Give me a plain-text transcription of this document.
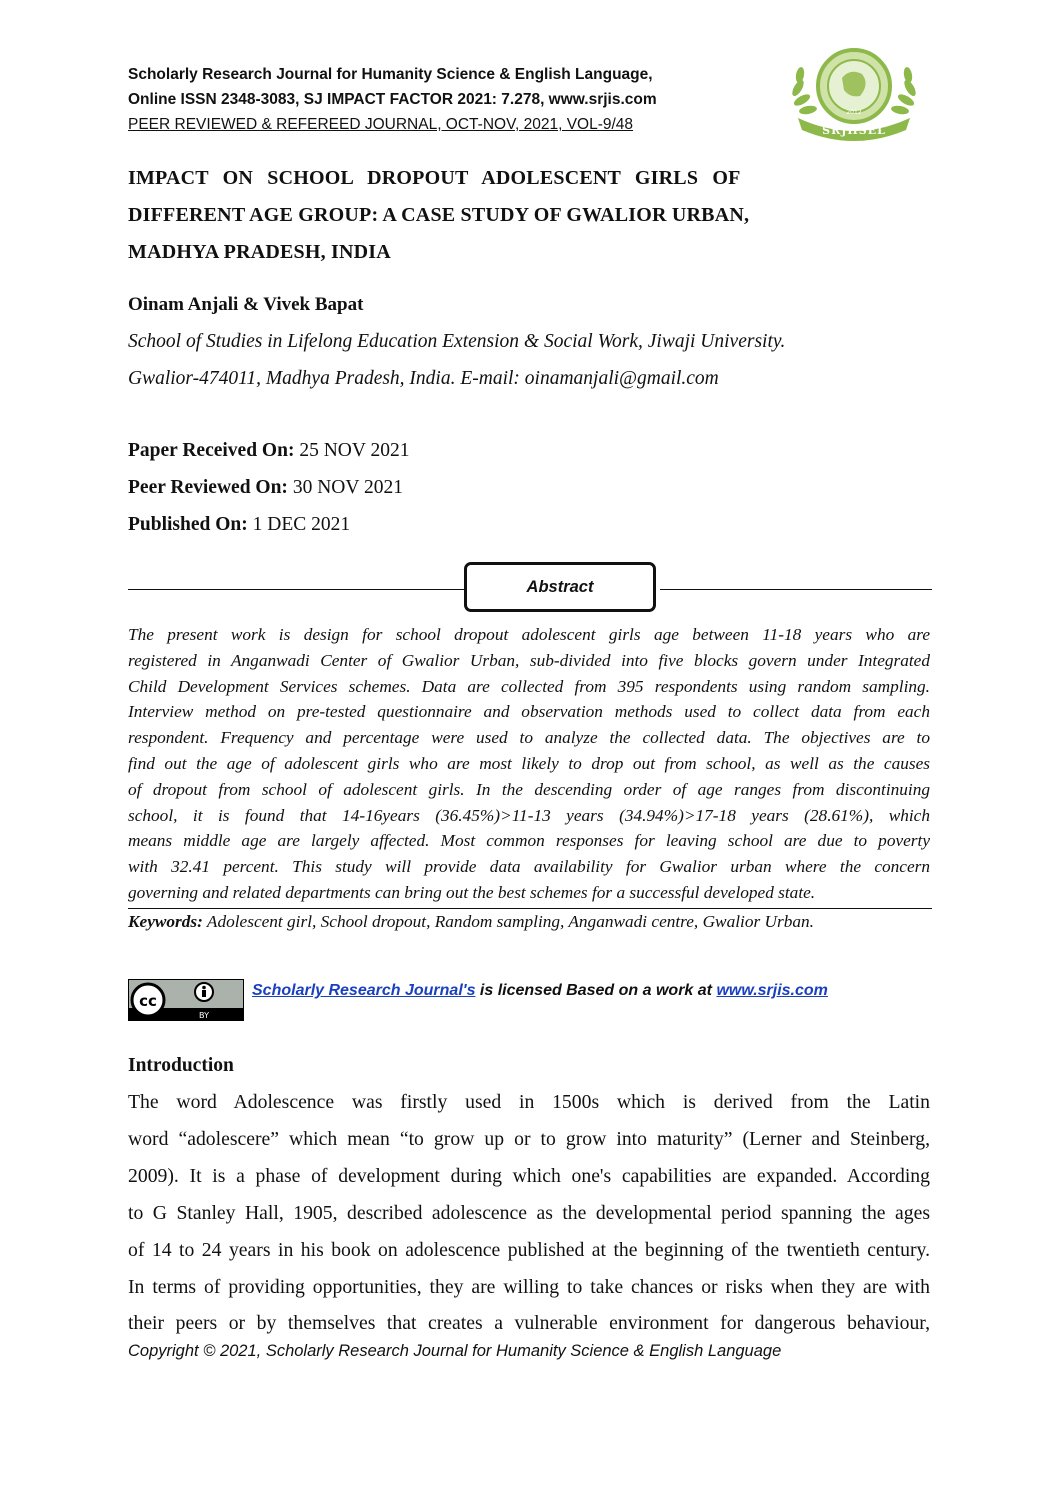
Scholarly Research Journal for Humanity Science & English Language,
Online ISSN 2348-3083, SJ IMPACT FACTOR 2021: 7.278, www.srjis.com
PEER REVIEWED & REFEREED JOURNAL, OCT-NOV, 2021, VOL-9/48
2012
SRJHSEL
IMPACT ON SCHOOL DROPOUT ADOLESCENT GIRLS OF
DIFFERENT AGE GROUP: A CASE STUDY OF GWALIOR URBAN,
MADHYA PRADESH, INDIA
Oinam Anjali & Vivek Bapat
School of Studies in Lifelong Education Extension & Social Work, Jiwaji University.
Gwalior-474011, Madhya Pradesh, India. E-mail: oinamanjali@gmail.com
Paper Received On: 25 NOV 2021
Peer Reviewed On: 30 NOV 2021
Published On: 1 DEC 2021
Abstract
The present work is design for school dropout adolescent girls age between 11-18 years who are
registered in Anganwadi Center of Gwalior Urban, sub-divided into five blocks govern under Integrated
Child Development Services schemes. Data are collected from 395 respondents using random sampling.
Interview method on pre-tested questionnaire and observation methods used to collect data from each
respondent. Frequency and percentage were used to analyze the collected data. The objectives are to
find out the age of adolescent girls who are most likely to drop out from school, as well as the causes
of dropout from school of adolescent girls. In the descending order of age ranges from discontinuing
school, it is found that 14-16years (36.45%)>11-13 years (34.94%)>17-18 years (28.61%), which
means middle age are largely affected. Most common responses for leaving school are due to poverty
with 32.41 percent. This study will provide data availability for Gwalior urban where the concern
governing and related departments can bring out the best schemes for a successful developed state.
Keywords: Adolescent girl, School dropout, Random sampling, Anganwadi centre, Gwalior Urban.
cc
BY
Scholarly Research Journal's is licensed Based on a work at www.srjis.com
Introduction
The word Adolescence was firstly used in 1500s which is derived from the Latin
word “adolescere” which mean “to grow up or to grow into maturity” (Lerner and Steinberg,
2009). It is a phase of development during which one's capabilities are expanded. According
to G Stanley Hall, 1905, described adolescence as the developmental period spanning the ages
of 14 to 24 years in his book on adolescence published at the beginning of the twentieth century.
In terms of providing opportunities, they are willing to take chances or risks when they are with
their peers or by themselves that creates a vulnerable environment for dangerous behaviour,
Copyright © 2021, Scholarly Research Journal for Humanity Science & English Language
